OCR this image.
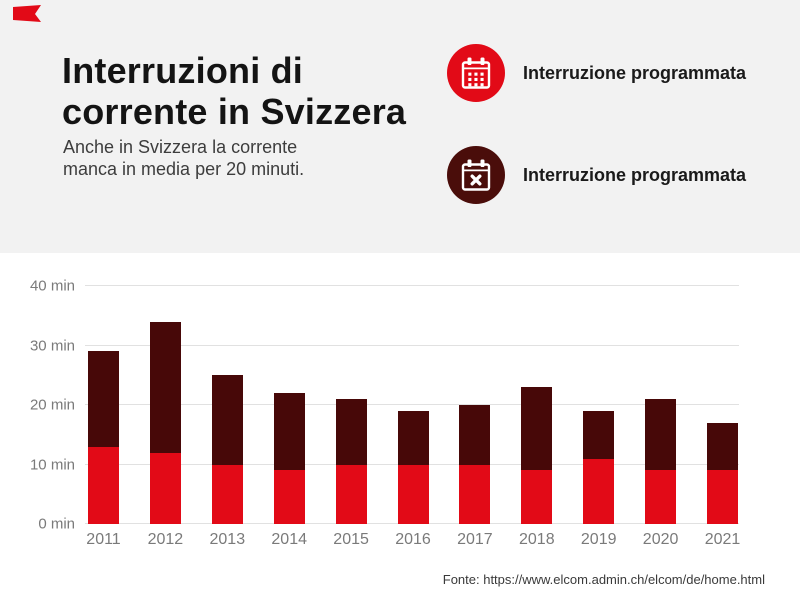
Interruzioni di
corrente in Svizzera

Anche in Svizzera la corrente
manca in media per 20 minuti.

Interruzione programmata
Interruzione programmata
0 min
10 min
20 min
30 min
40 min
2011 2012 2013 2014 2015 2016 2017 2018 2019 2020 2021
Fonte: https://www.elcom.admin.ch/elcom/de/home.html
